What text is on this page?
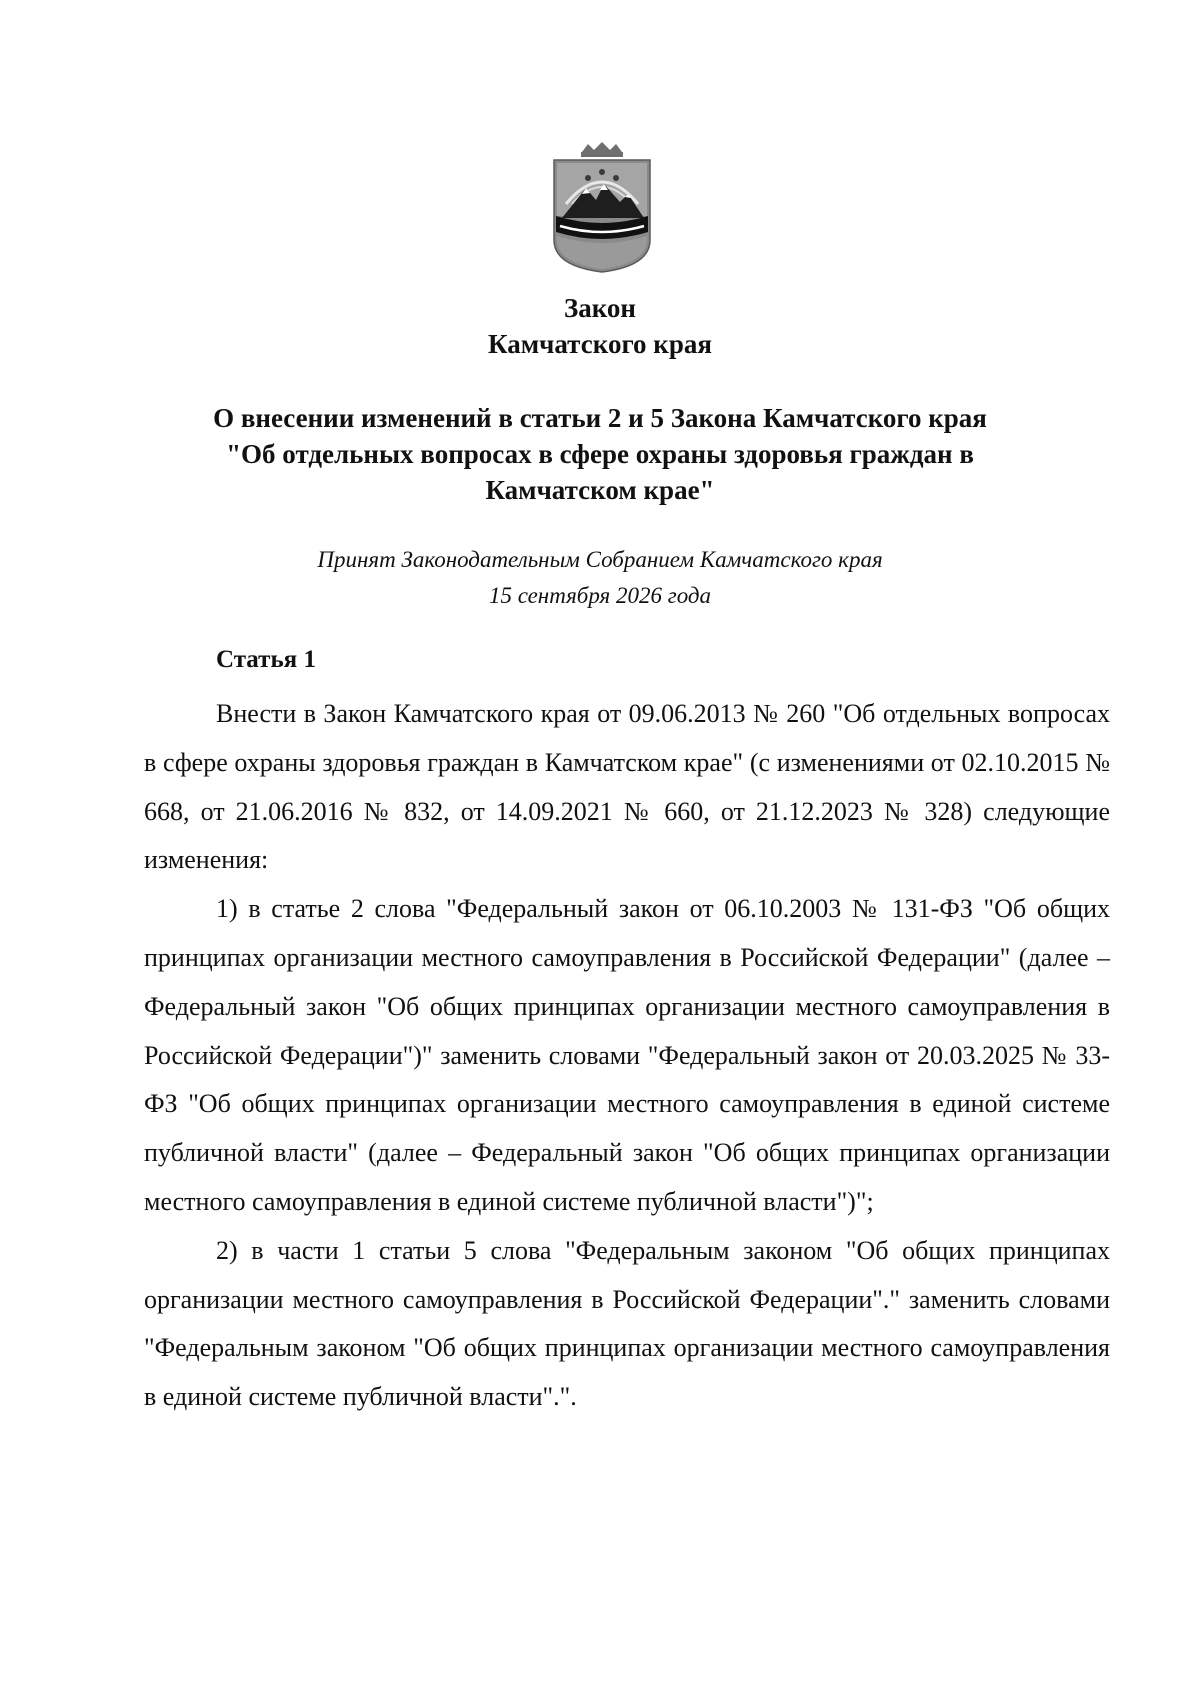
Закон
Камчатского края
О внесении изменений в статьи 2 и 5 Закона Камчатского края
"Об отдельных вопросах в сфере охраны здоровья граждан в
Камчатском крае"
Принят Законодательным Собранием Камчатского края
15 сентября 2026 года
Статья 1

Внести в Закон Камчатского края от 09.06.2013 № 260 "Об отдельных вопросах в сфере охраны здоровья граждан в Камчатском крае" (с изменениями от 02.10.2015 № 668, от 21.06.2016 № 832, от 14.09.2021 № 660, от 21.12.2023 № 328) следующие изменения:

1) в статье 2 слова "Федеральный закон от 06.10.2003 № 131-ФЗ "Об общих принципах организации местного самоуправления в Российской Федерации" (далее – Федеральный закон "Об общих принципах организации местного самоуправления в Российской Федерации")" заменить словами "Федеральный закон от 20.03.2025 № 33-ФЗ "Об общих принципах организации местного самоуправления в единой системе публичной власти" (далее – Федеральный закон "Об общих принципах организации местного самоуправления в единой системе публичной власти")";

2) в части 1 статьи 5 слова "Федеральным законом "Об общих принципах организации местного самоуправления в Российской Федерации"." заменить словами "Федеральным законом "Об общих принципах организации местного самоуправления в единой системе публичной власти".".
